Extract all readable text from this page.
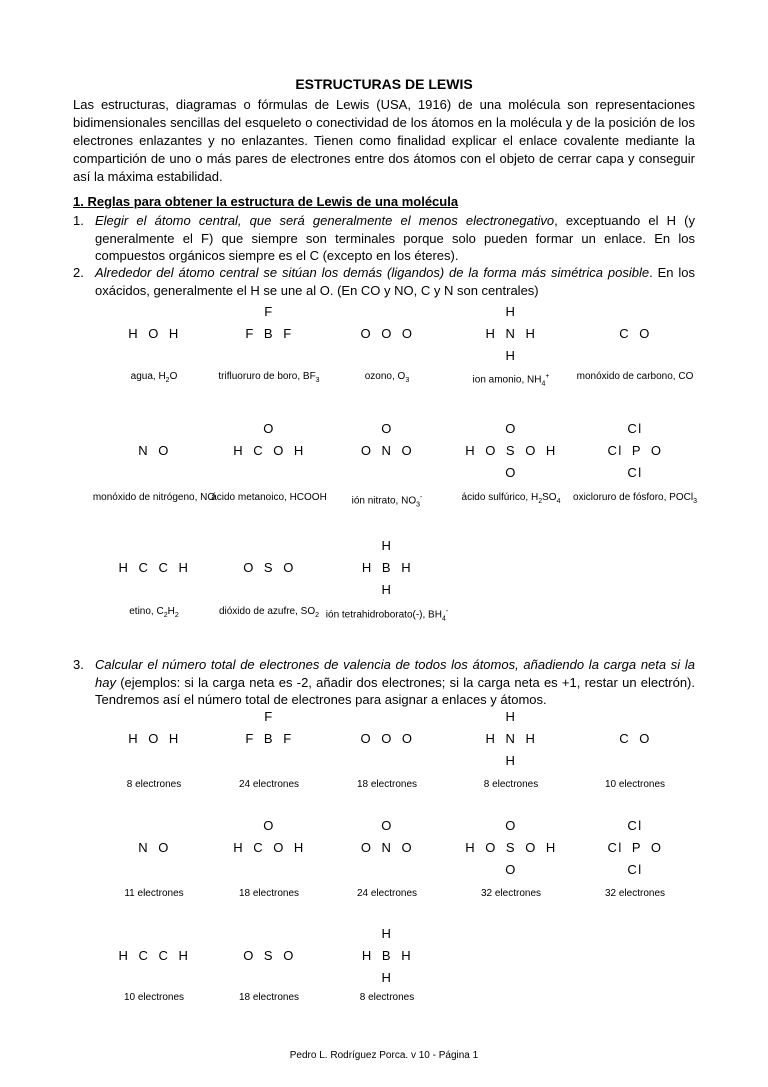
ESTRUCTURAS DE LEWIS
Las estructuras, diagramas o fórmulas de Lewis (USA, 1916) de una molécula son representaciones bidimensionales sencillas del esqueleto o conectividad de los átomos en la molécula y de la posición de los electrones enlazantes y no enlazantes. Tienen como finalidad explicar el enlace covalente mediante la compartición de uno o más pares de electrones entre dos átomos con el objeto de cerrar capa y conseguir así la máxima estabilidad.
1. Reglas para obtener la estructura de Lewis de una molécula
1. Elegir el átomo central, que será generalmente el menos electronegativo, exceptuando el H (y generalmente el F) que siempre son terminales porque solo pueden formar un enlace. En los compuestos orgánicos siempre es el C (excepto en los éteres).
2. Alrededor del átomo central se sitúan los demás (ligandos) de la forma más simétrica posible. En los oxácidos, generalmente el H se une al O. (En CO y NO, C y N son centrales)
3. Calcular el número total de electrones de valencia de todos los átomos, añadiendo la carga neta si la hay (ejemplos: si la carga neta es -2, añadir dos electrones; si la carga neta es +1, restar un electrón). Tendremos así el número total de electrones para asignar a enlaces y átomos.

H O H

agua, $H_2O$
F
F B F

trifluoruro de boro, $BF_3$

O O O

ozono, $O_3$
H
H N H
H
ion amonio, $NH_4^+$

C O

monóxido de carbono, CO

N O

monóxido de nitrógeno, NO
O
H C O H

ácido metanoico, HCOOH
O
O N O

ión nitrato, $NO_3^-$
O
H O S O H
O
ácido sulfúrico, $H_2SO_4$
Cl
Cl P O
Cl
oxicloruro de fósforo, POCl$_3$

H C C H

etino, $C_2H_2$

O S O

dióxido de azufre, $SO_2$
H
H B H
H
ión tetrahidroborato(-), $BH_4^-$

H O H

8 electrones
F
F B F

24 electrones

O O O

18 electrones
H
H N H
H
8 electrones

C O

10 electrones

N O

11 electrones
O
H C O H

18 electrones
O
O N O

24 electrones
O
H O S O H
O
32 electrones
Cl
Cl P O
Cl
32 electrones

H C C H

10 electrones

O S O

18 electrones
H
H B H
H
8 electrones
Pedro L. Rodríguez Porca. v 10 - Página 1
